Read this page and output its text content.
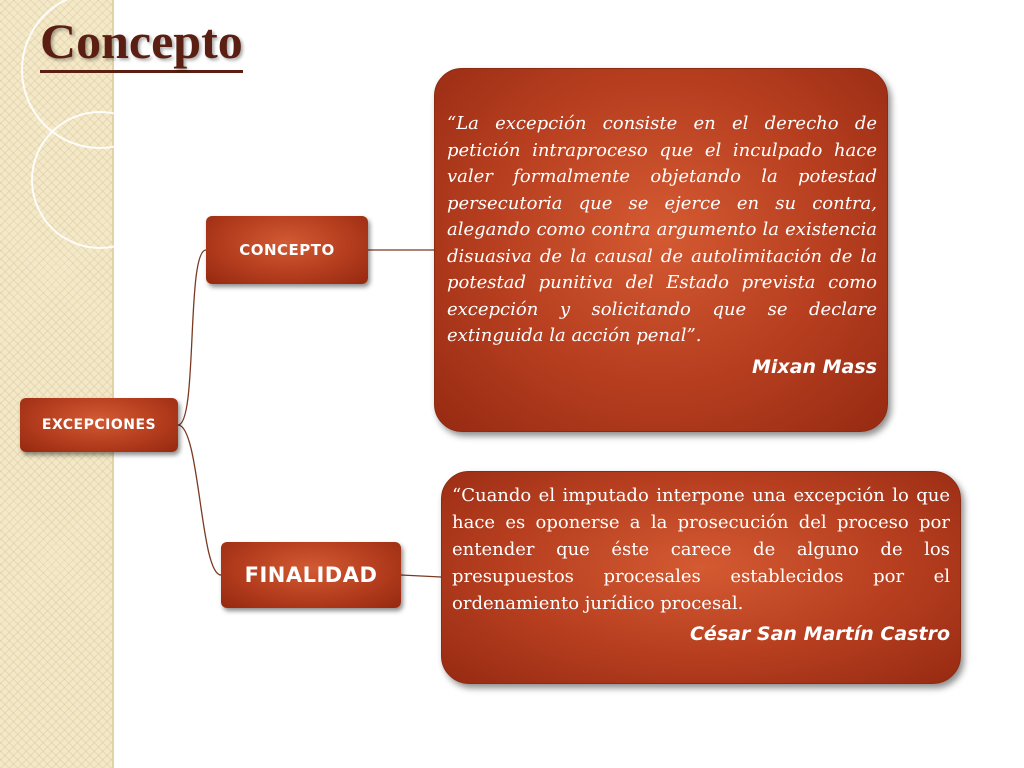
Concepto
EXCEPCIONES
CONCEPTO
FINALIDAD

“La excepción consiste en el derecho de petición intraproceso que el inculpado hace valer formalmente objetando la potestad persecutoria que se ejerce en su contra, alegando como contra argumento la existencia disuasiva de la causal de autolimitación de la potestad punitiva del Estado prevista como excepción y solicitando que se declare extinguida la acción penal”.

Mixan Mass

“Cuando el imputado interpone una excepción lo que hace es oponerse a la prosecución del proceso por entender que éste carece de alguno de los presupuestos procesales establecidos por el ordenamiento jurídico procesal.

César San Martín Castro
